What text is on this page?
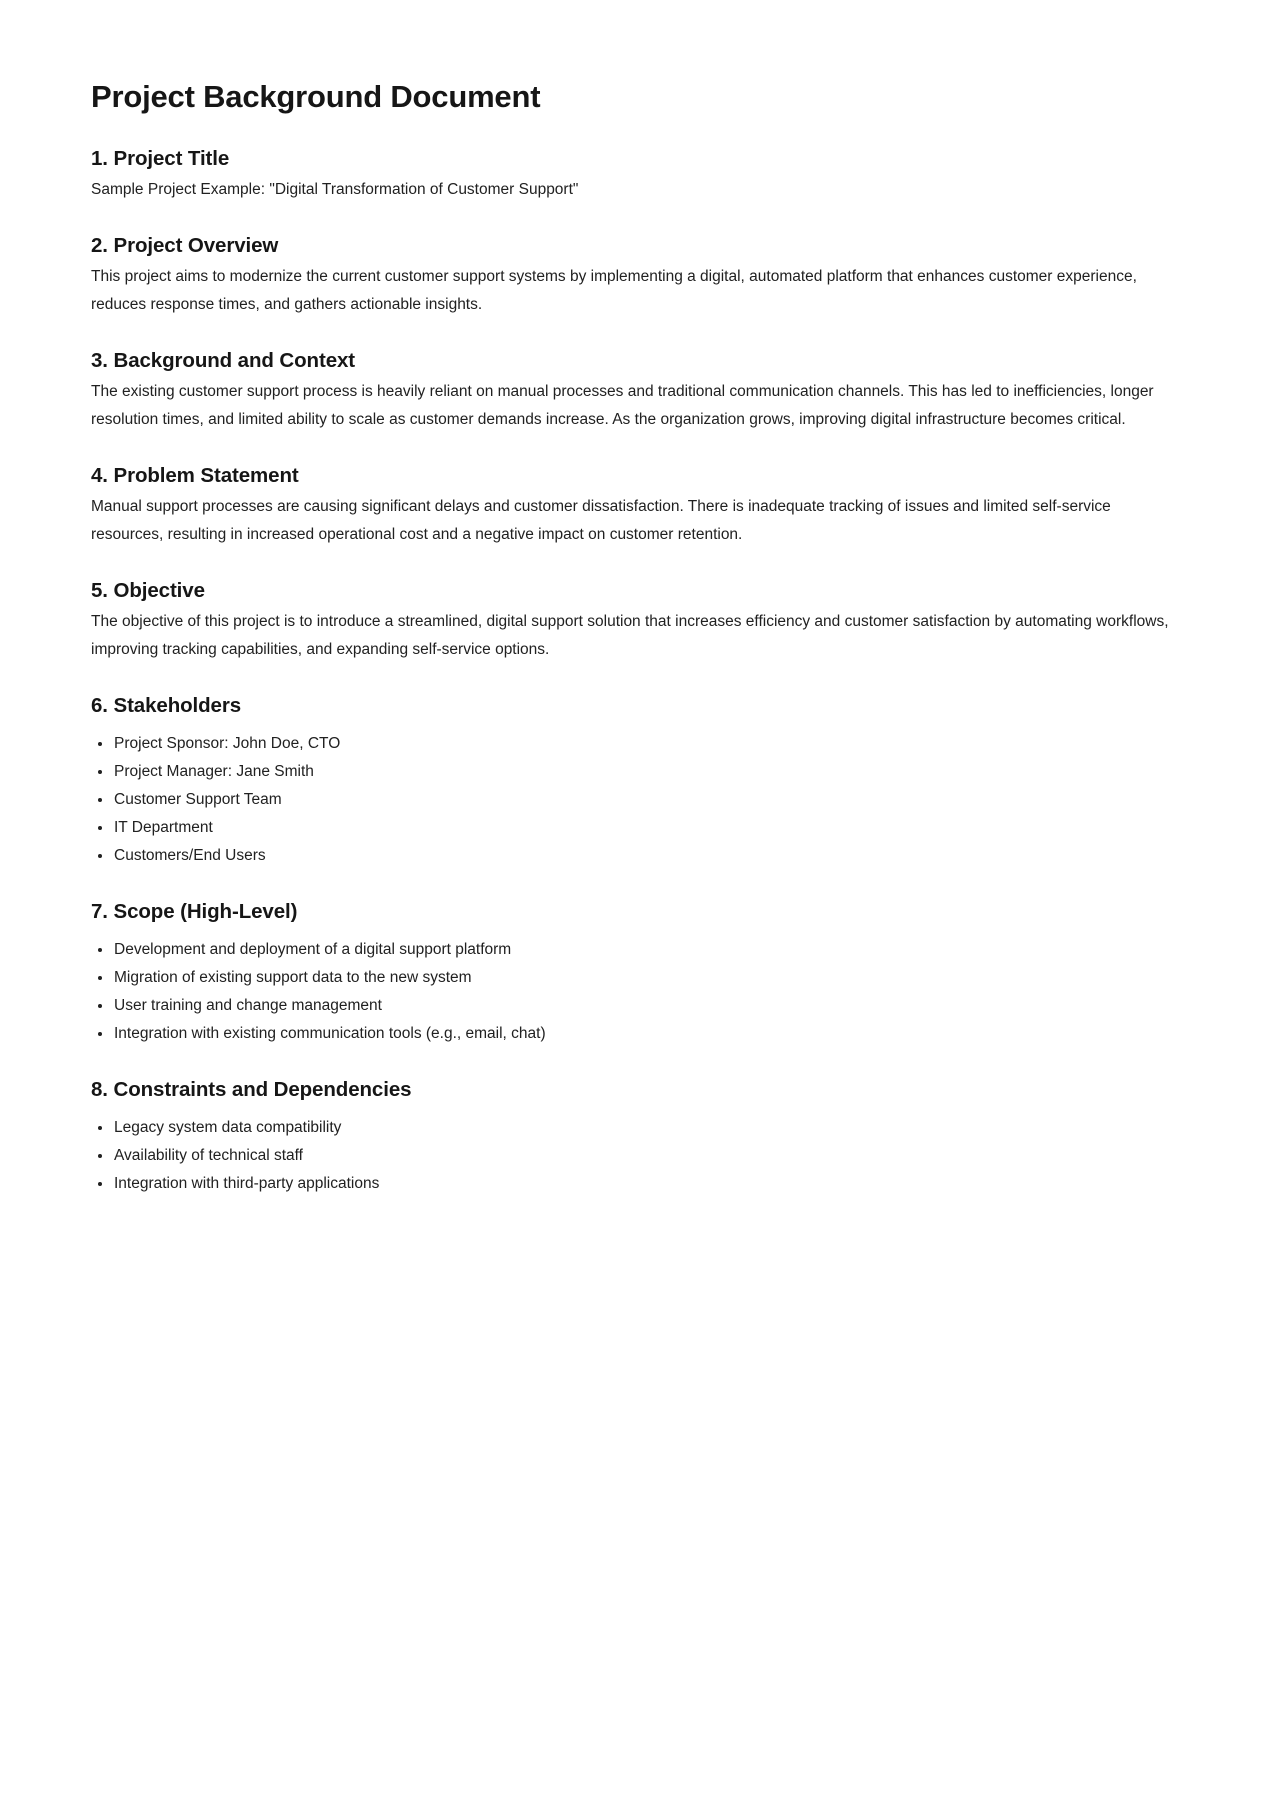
Project Background Document
1. Project Title

Sample Project Example: "Digital Transformation of Customer Support"

2. Project Overview

This project aims to modernize the current customer support systems by implementing a digital, automated platform that enhances customer experience, reduces response times, and gathers actionable insights.

3. Background and Context

The existing customer support process is heavily reliant on manual processes and traditional communication channels. This has led to inefficiencies, longer resolution times, and limited ability to scale as customer demands increase. As the organization grows, improving digital infrastructure becomes critical.

4. Problem Statement

Manual support processes are causing significant delays and customer dissatisfaction. There is inadequate tracking of issues and limited self-service resources, resulting in increased operational cost and a negative impact on customer retention.

5. Objective

The objective of this project is to introduce a streamlined, digital support solution that increases efficiency and customer satisfaction by automating workflows, improving tracking capabilities, and expanding self-service options.

6. Stakeholders
• Project Sponsor: John Doe, CTO
• Project Manager: Jane Smith
• Customer Support Team
• IT Department
• Customers/End Users
7. Scope (High-Level)
• Development and deployment of a digital support platform
• Migration of existing support data to the new system
• User training and change management
• Integration with existing communication tools (e.g., email, chat)
8. Constraints and Dependencies
• Legacy system data compatibility
• Availability of technical staff
• Integration with third-party applications
